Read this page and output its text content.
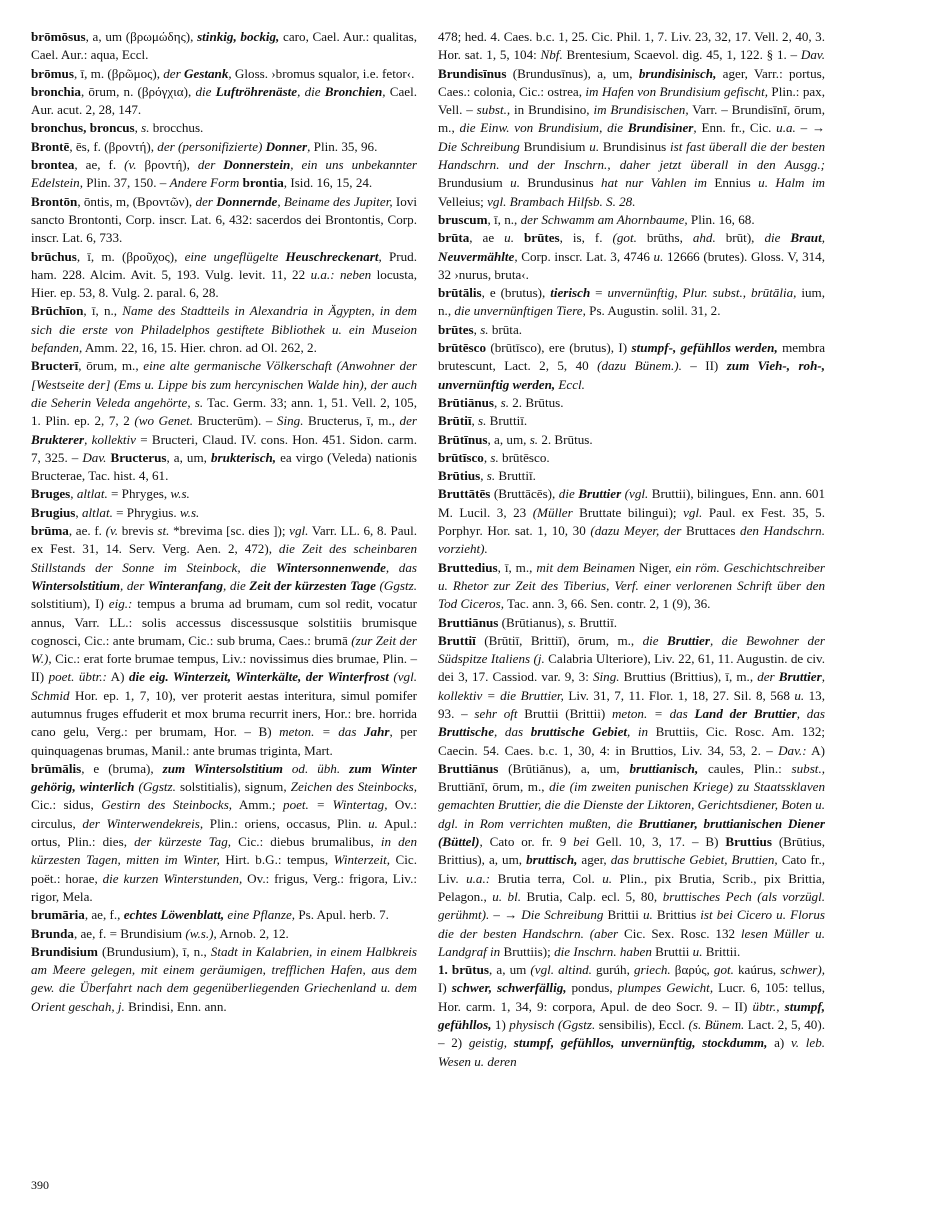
brōmōsus, a, um (βρωμώδης), stinkig, bockig, caro, Cael. Aur.: qualitas, Cael. Aur.: aqua, Eccl.

brōmus, ī, m. (βρῶμος), der Gestank, Gloss. ›bromus squalor, i.e. fetor‹.

bronchia, ōrum, n. (βρόγχια), die Luftröhrenäste, die Bronchien, Cael. Aur. acut. 2, 28, 147.

bronchus, broncus, s. brocchus.

Brontē, ēs, f. (βροντή), der (personifizierte) Donner, Plin. 35, 96.

brontea, ae, f. (v. βροντή), der Donnerstein, ein uns unbekannter Edelstein, Plin. 37, 150. – Andere Form brontia, Isid. 16, 15, 24.

Brontōn, ōntis, m, (Βροντῶν), der Donnernde, Beiname des Jupiter, Iovi sancto Brontonti, Corp. inscr. Lat. 6, 432: sacerdos dei Brontontis, Corp. inscr. Lat. 6, 733.

brūchus, ī, m. (βροῦχος), eine ungeflügelte Heuschreckenart, Prud. ham. 228. Alcim. Avit. 5, 193. Vulg. levit. 11, 22 u.a.: neben locusta, Hier. ep. 53, 8. Vulg. 2. paral. 6, 28.

Brūchīon, ī, n., Name des Stadtteils in Alexandria in Ägypten, in dem sich die erste von Philadelphos gestiftete Bibliothek u. ein Museion befanden, Amm. 22, 16, 15. Hier. chron. ad Ol. 262, 2.

Bructerī, ōrum, m., eine alte germanische Völkerschaft (Anwohner der [Westseite der] (Ems u. Lippe bis zum hercynischen Walde hin), der auch die Seherin Veleda angehörte, s. Tac. Germ. 33; ann. 1, 51. Vell. 2, 105, 1. Plin. ep. 2, 7, 2 (wo Genet. Bructerūm). – Sing. Bructerus, ī, m., der Brukterer, kollektiv = Bructeri, Claud. IV. cons. Hon. 451. Sidon. carm. 7, 325. – Dav. Bructerus, a, um, brukterisch, ea virgo (Veleda) nationis Bructerae, Tac. hist. 4, 61.

Bruges, altlat. = Phryges, w.s.

Brugius, altlat. = Phrygius. w.s.

brūma, ae. f. (v. brevis st. *brevima [sc. dies ]); vgl. Varr. LL. 6, 8. Paul. ex Fest. 31, 14. Serv. Verg. Aen. 2, 472), die Zeit des scheinbaren Stillstands der Sonne im Steinbock, die Wintersonnenwende, das Wintersolstitium, der Winteranfang, die Zeit der kürzesten Tage (Ggstz. solstitium), I) eig.: tempus a bruma ad brumam, cum sol redit, vocatur annus, Varr. LL.: solis accessus discessusque solstitiis brumisque cognosci, Cic.: ante brumam, Cic.: sub bruma, Caes.: brumā (zur Zeit der W.), Cic.: erat forte brumae tempus, Liv.: novissimus dies brumae, Plin. – II) poet. übtr.: A) die eig. Winterzeit, Winterkälte, der Winterfrost (vgl. Schmid Hor. ep. 1, 7, 10), ver proterit aestas interitura, simul pomifer autumnus fruges effuderit et mox bruma recurrit iners, Hor.: bre. horrida cano gelu, Verg.: per brumam, Hor. – B) meton. = das Jahr, per quinquagenas brumas, Manil.: ante brumas triginta, Mart.

brūmālis, e (bruma), zum Wintersolstitium od. übh. zum Winter gehörig, winterlich (Ggstz. solstitialis), signum, Zeichen des Steinbocks, Cic.: sidus, Gestirn des Steinbocks, Amm.; poet. = Wintertag, Ov.: circulus, der Winterwendekreis, Plin.: oriens, occasus, Plin. u. Apul.: ortus, Plin.: dies, der kürzeste Tag, Cic.: diebus brumalibus, in den kürzesten Tagen, mitten im Winter, Hirt. b.G.: tempus, Winterzeit, Cic. poët.: horae, die kurzen Winterstunden, Ov.: frigus, Verg.: frigora, Liv.: rigor, Mela.

brumāria, ae, f., echtes Löwenblatt, eine Pflanze, Ps. Apul. herb. 7.

Brunda, ae, f. = Brundisium (w.s.), Arnob. 2, 12.

Brundisium (Brundusium), ī, n., Stadt in Kalabrien, in einem Halbkreis am Meere gelegen, mit einem geräumigen, trefflichen Hafen, aus dem gew. die Überfahrt nach dem gegenüberliegenden Griechenland u. dem Orient geschah, j. Brindisi, Enn. ann.

478; hed. 4. Caes. b.c. 1, 25. Cic. Phil. 1, 7. Liv. 23, 32, 17. Vell. 2, 40, 3. Hor. sat. 1, 5, 104: Nbf. Brentesium, Scaevol. dig. 45, 1, 122. § 1. – Dav. Brundisīnus (Brundusīnus), a, um, brundisinisch, ager, Varr.: portus, Caes.: colonia, Cic.: ostrea, im Hafen von Brundisium gefischt, Plin.: pax, Vell. – subst., in Brundisino, im Brundisischen, Varr. – Brundisīnī, ōrum, m., die Einw. von Brundisium, die Brundisiner, Enn. fr., Cic. u.a. – → Die Schreibung Brundisium u. Brundisinus ist fast überall die der besten Handschrn. und der Inschrn., daher jetzt überall in den Ausgg.; Brundusium u. Brundusinus hat nur Vahlen im Ennius u. Halm im Velleius; vgl. Brambach Hilfsb. S. 28.

bruscum, ī, n., der Schwamm am Ahornbaume, Plin. 16, 68.

brūta, ae u. brūtes, is, f. (got. brūths, ahd. brūt), die Braut, Neuvermählte, Corp. inscr. Lat. 3, 4746 u. 12666 (brutes). Gloss. V, 314, 32 ›nurus, bruta‹.

brūtālis, e (brutus), tierisch = unvernünftig, Plur. subst., brūtālia, ium, n., die unvernünftigen Tiere, Ps. Augustin. solil. 31, 2.

brūtes, s. brūta.

brūtēsco (brūtīsco), ere (brutus), I) stumpf-, gefühllos werden, membra brutescunt, Lact. 2, 5, 40 (dazu Bünem.). – II) zum Vieh-, roh-, unvernünftig werden, Eccl.

Brūtiānus, s. 2. Brūtus.

Brūtiī, s. Bruttiī.

Brūtīnus, a, um, s. 2. Brūtus.

brūtīsco, s. brūtēsco.

Brūtius, s. Bruttiī.

Bruttātēs (Bruttācēs), die Bruttier (vgl. Bruttii), bilingues, Enn. ann. 601 M. Lucil. 3, 23 (Müller Bruttate bilingui); vgl. Paul. ex Fest. 35, 5. Porphyr. Hor. sat. 1, 10, 30 (dazu Meyer, der Bruttaces den Handschrn. vorzieht).

Bruttedius, ī, m., mit dem Beinamen Niger, ein röm. Geschichtschreiber u. Rhetor zur Zeit des Tiberius, Verf. einer verlorenen Schrift über den Tod Ciceros, Tac. ann. 3, 66. Sen. contr. 2, 1 (9), 36.

Bruttiānus (Brūtianus), s. Bruttiī.

Bruttiī (Brūtiī, Brittiī), ōrum, m., die Bruttier, die Bewohner der Südspitze Italiens (j. Calabria Ulteriore), Liv. 22, 61, 11. Augustin. de civ. dei 3, 17. Cassiod. var. 9, 3: Sing. Bruttius (Brittius), ī, m., der Bruttier, kollektiv = die Bruttier, Liv. 31, 7, 11. Flor. 1, 18, 27. Sil. 8, 568 u. 13, 93. – sehr oft Bruttii (Brittii) meton. = das Land der Bruttier, das Bruttische, das bruttische Gebiet, in Bruttiis, Cic. Rosc. Am. 132; Caecin. 54. Caes. b.c. 1, 30, 4: in Bruttios, Liv. 34, 53, 2. – Dav.: A) Bruttiānus (Brūtiānus), a, um, bruttianisch, caules, Plin.: subst., Bruttiānī, ōrum, m., die (im zweiten punischen Kriege) zu Staatssklaven gemachten Bruttier, die die Dienste der Liktoren, Gerichtsdiener, Boten u. dgl. in Rom verrichten mußten, die Bruttianer, bruttianischen Diener (Büttel), Cato or. fr. 9 bei Gell. 10, 3, 17. – B) Bruttius (Brūtius, Brittius), a, um, bruttisch, ager, das bruttische Gebiet, Bruttien, Cato fr., Liv. u.a.: Brutia terra, Col. u. Plin., pix Brutia, Scrib., pix Brittia, Pelagon., u. bl. Brutia, Calp. ecl. 5, 80, bruttisches Pech (als vorzügl. gerühmt). – → Die Schreibung Brittii u. Brittius ist bei Cicero u. Florus die der besten Handschrn. (aber Cic. Sex. Rosc. 132 lesen Müller u. Landgraf in Bruttiis); die Inschrn. haben Bruttii u. Brittii.

1. brūtus, a, um (vgl. altind. gurúh, griech. βαρύς, got. kaúrus, schwer), I) schwer, schwerfällig, pondus, plumpes Gewicht, Lucr. 6, 105: tellus, Hor. carm. 1, 34, 9: corpora, Apul. de deo Socr. 9. – II) übtr., stumpf, gefühllos, 1) physisch (Ggstz. sensibilis), Eccl. (s. Bünem. Lact. 2, 5, 40). – 2) geistig, stumpf, gefühllos, unvernünftig, stockdumm, a) v. leb. Wesen u. deren

390
